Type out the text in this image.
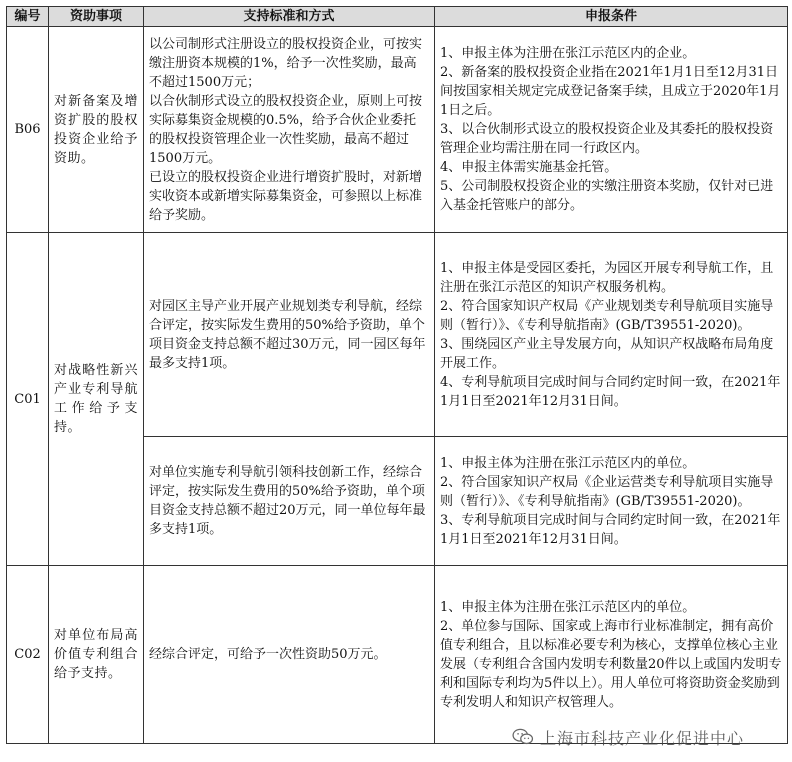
编号	资助事项	支持标准和方式	申报条件
B06	对新备案及增资扩股的股权投资企业给予资助。	以公司制形式注册设立的股权投资企业，可按实缴注册资本规模的1%，给予一次性奖励，最高不超过1500万元；
以合伙制形式设立的股权投资企业，原则上可按实际募集资金规模的0.5%，给予合伙企业委托的股权投资管理企业一次性奖励，最高不超过1500万元。
已设立的股权投资企业进行增资扩股时，对新增实收资本或新增实际募集资金，可参照以上标准给予奖励。	1、申报主体为注册在张江示范区内的企业。
2、新备案的股权投资企业指在2021年1月1日至12月31日间按国家相关规定完成登记备案手续，且成立于2020年1月1日之后。
3、以合伙制形式设立的股权投资企业及其委托的股权投资管理企业均需注册在同一行政区内。
4、申报主体需实施基金托管。
5、公司制股权投资企业的实缴注册资本奖励，仅针对已进入基金托管账户的部分。
C01	对战略性新兴产业专利导航工作给予支持。	对园区主导产业开展产业规划类专利导航，经综合评定，按实际发生费用的50%给予资助，单个项目资金支持总额不超过30万元，同一园区每年最多支持1项。	1、申报主体是受园区委托，为园区开展专利导航工作，且注册在张江示范区的知识产权服务机构。
2、符合国家知识产权局《产业规划类专利导航项目实施导则（暂行）》、《专利导航指南》(GB/T39551-2020)。
3、围绕园区产业主导发展方向，从知识产权战略布局角度开展工作。
4、专利导航项目完成时间与合同约定时间一致，在2021年1月1日至2021年12月31日间。
		对单位实施专利导航引领科技创新工作，经综合评定，按实际发生费用的50%给予资助，单个项目资金支持总额不超过20万元，同一单位每年最多支持1项。	1、申报主体为注册在张江示范区内的单位。
2、符合国家知识产权局《企业运营类专利导航项目实施导则（暂行）》、《专利导航指南》(GB/T39551-2020)。
3、专利导航项目完成时间与合同约定时间一致，在2021年1月1日至2021年12月31日间。
C02	对单位布局高价值专利组合给予支持。	经综合评定，可给予一次性资助50万元。	1、申报主体为注册在张江示范区内的单位。
2、单位参与国际、国家或上海市行业标准制定，拥有高价值专利组合，且以标准必要专利为核心，支撑单位核心主业发展（专利组合含国内发明专利数量20件以上或国内发明专利和国际专利均为5件以上）。用人单位可将资助资金奖励到专利发明人和知识产权管理人。
上海市科技产业化促进中心
